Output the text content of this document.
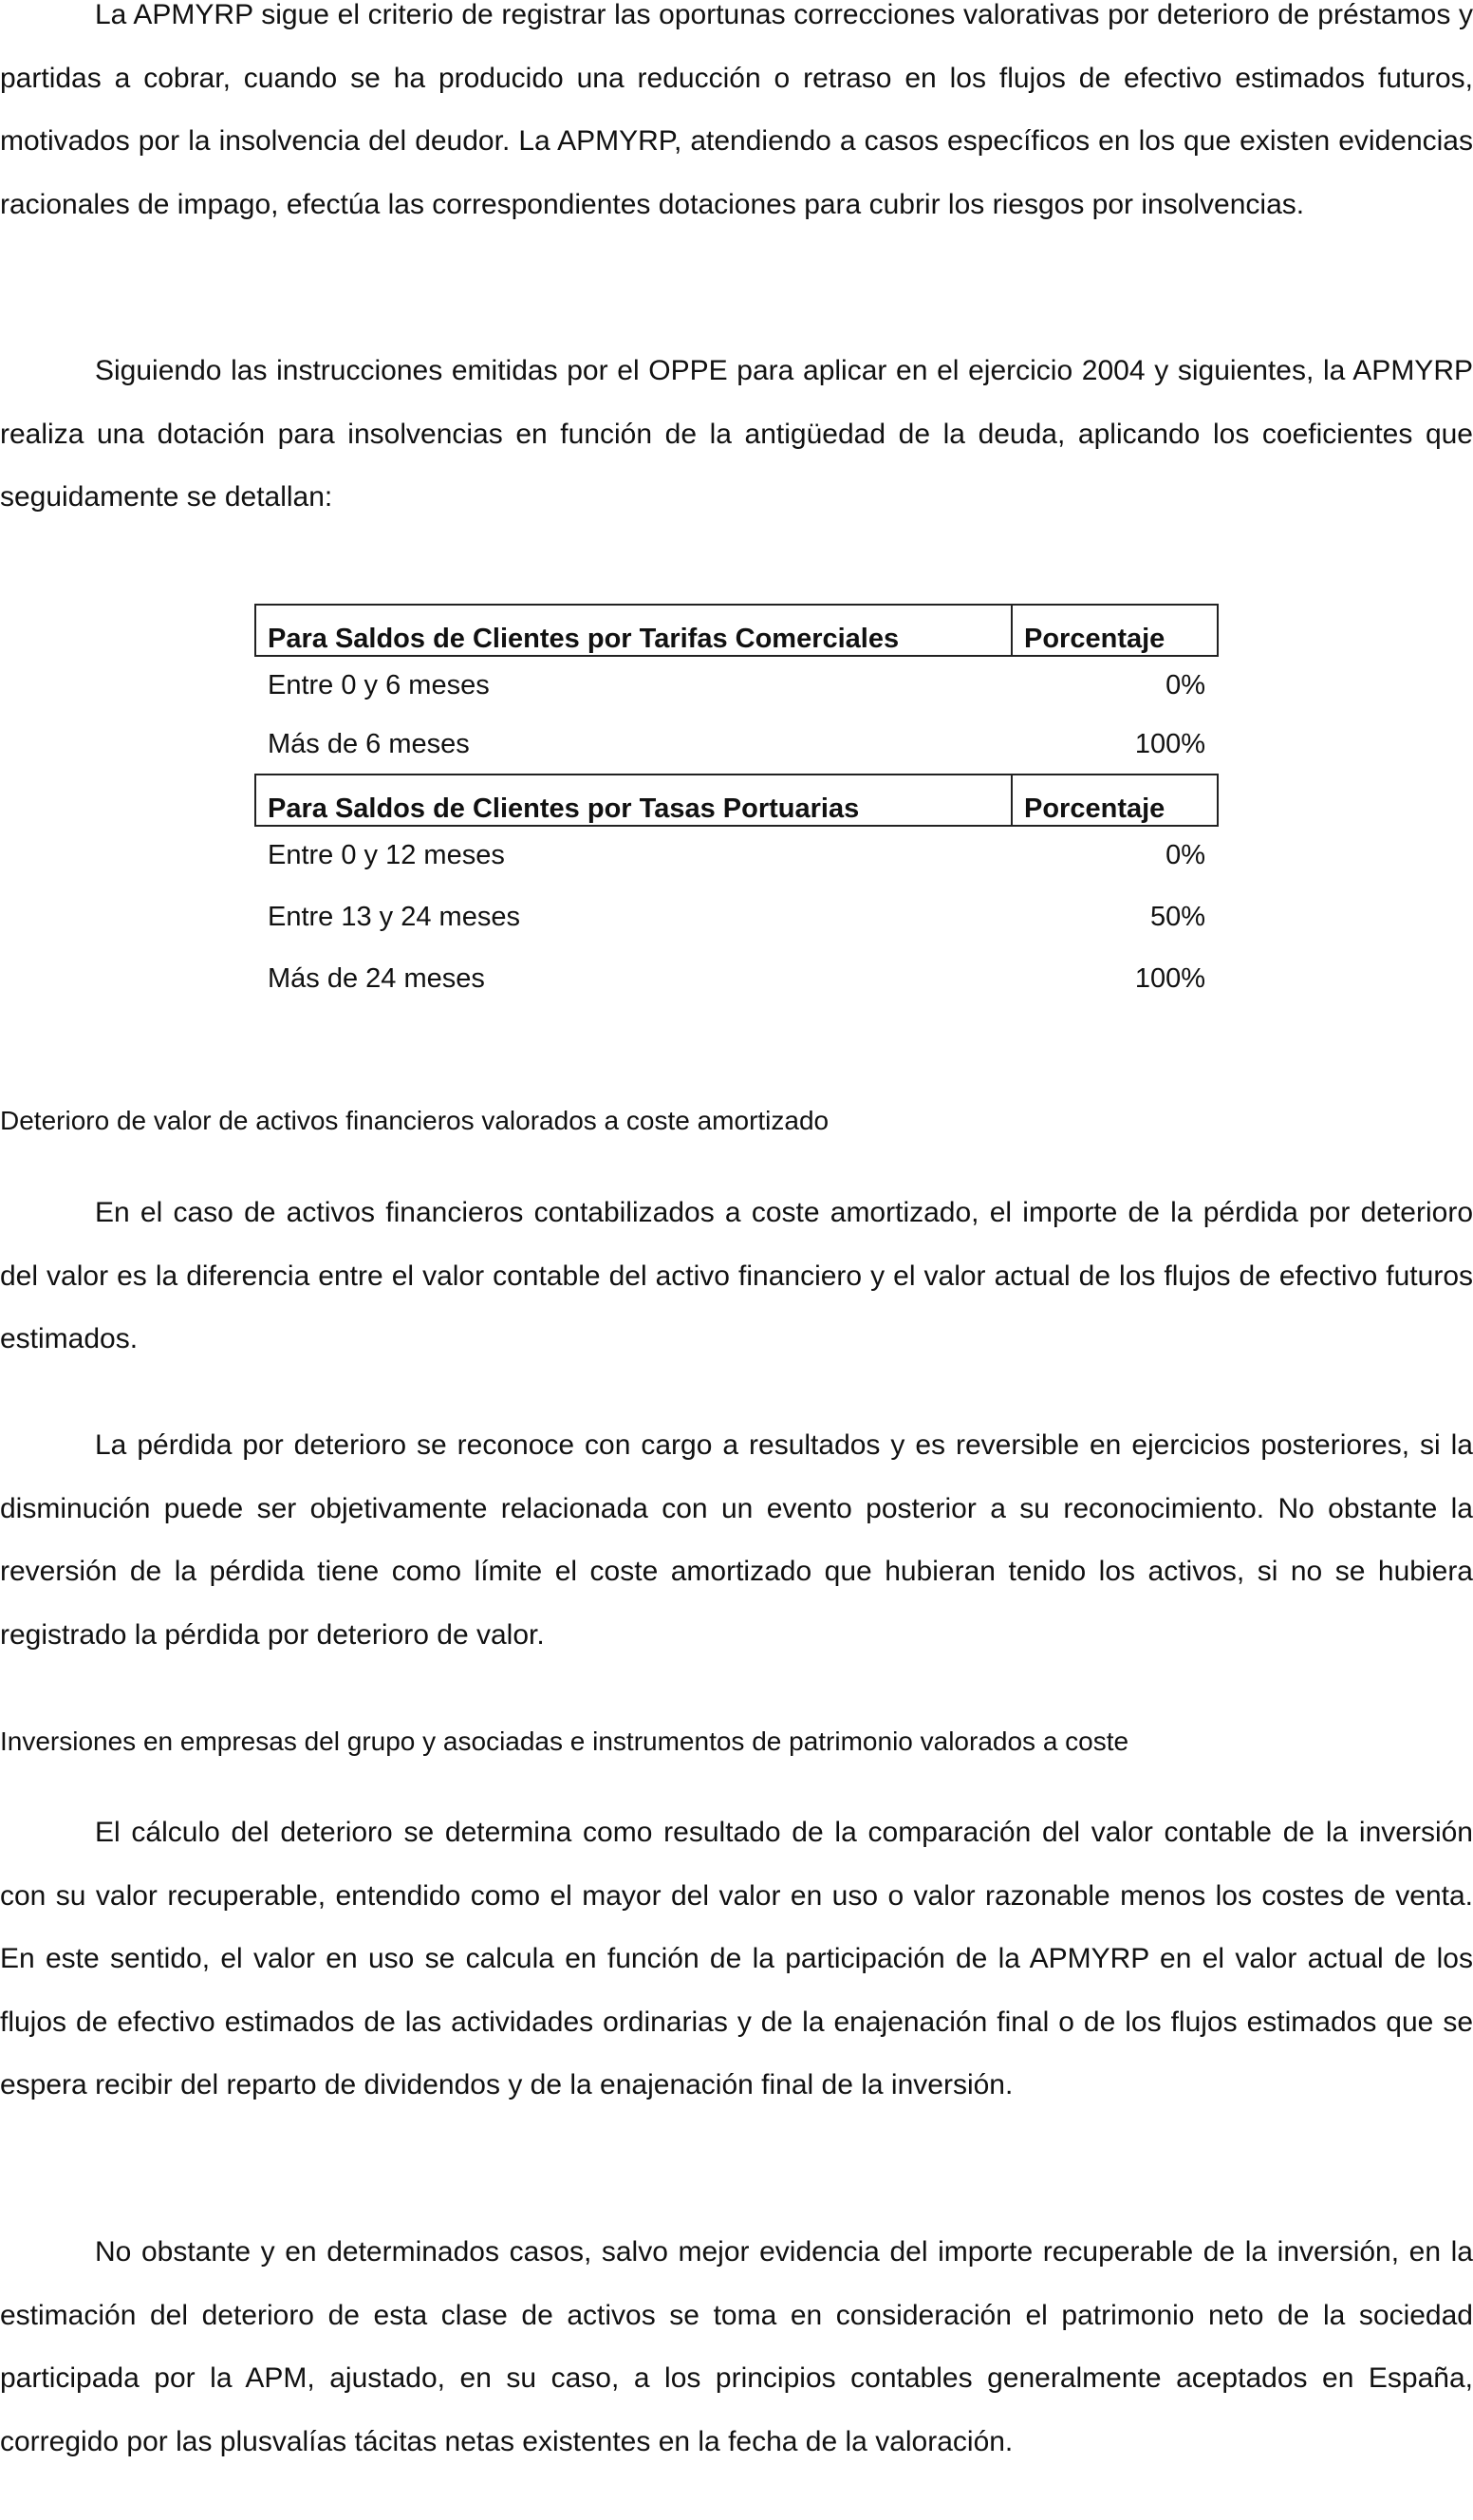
La APMYRP sigue el criterio de registrar las oportunas correcciones valorativas por deterioro de préstamos y partidas a cobrar, cuando se ha producido una reducción o retraso en los flujos de efectivo estimados futuros, motivados por la insolvencia del deudor. La APMYRP, atendiendo a casos específicos en los que existen evidencias racionales de impago, efectúa las correspondientes dotaciones para cubrir los riesgos por insolvencias.

Siguiendo las instrucciones emitidas por el OPPE para aplicar en el ejercicio 2004 y siguientes, la APMYRP realiza una dotación para insolvencias en función de la antigüedad de la deuda, aplicando los coeficientes que seguidamente se detallan:

Para Saldos de Clientes por Tarifas Comerciales	Porcentaje
Entre 0 y 6 meses	0%
Más de 6 meses	100%
Para Saldos de Clientes por Tasas Portuarias	Porcentaje
Entre 0 y 12 meses	0%
Entre 13 y 24 meses	50%
Más de 24 meses	100%
Deterioro de valor de activos financieros valorados a coste amortizado

En el caso de activos financieros contabilizados a coste amortizado, el importe de la pérdida por deterioro del valor es la diferencia entre el valor contable del activo financiero y el valor actual de los flujos de efectivo futuros estimados.

La pérdida por deterioro se reconoce con cargo a resultados y es reversible en ejercicios posteriores, si la disminución puede ser objetivamente relacionada con un evento posterior a su reconocimiento. No obstante la reversión de la pérdida tiene como límite el coste amortizado que hubieran tenido los activos, si no se hubiera registrado la pérdida por deterioro de valor.

Inversiones en empresas del grupo y asociadas e instrumentos de patrimonio valorados a coste

El cálculo del deterioro se determina como resultado de la comparación del valor contable de la inversión con su valor recuperable, entendido como el mayor del valor en uso o valor razonable menos los costes de venta. En este sentido, el valor en uso se calcula en función de la participación de la APMYRP en el valor actual de los flujos de efectivo estimados de las actividades ordinarias y de la enajenación final o de los flujos estimados que se espera recibir del reparto de dividendos y de la enajenación final de la inversión.

No obstante y en determinados casos, salvo mejor evidencia del importe recuperable de la inversión, en la estimación del deterioro de esta clase de activos se toma en consideración el patrimonio neto de la sociedad participada por la APM, ajustado, en su caso, a los principios contables generalmente aceptados en España, corregido por las plusvalías tácitas netas existentes en la fecha de la valoración.
